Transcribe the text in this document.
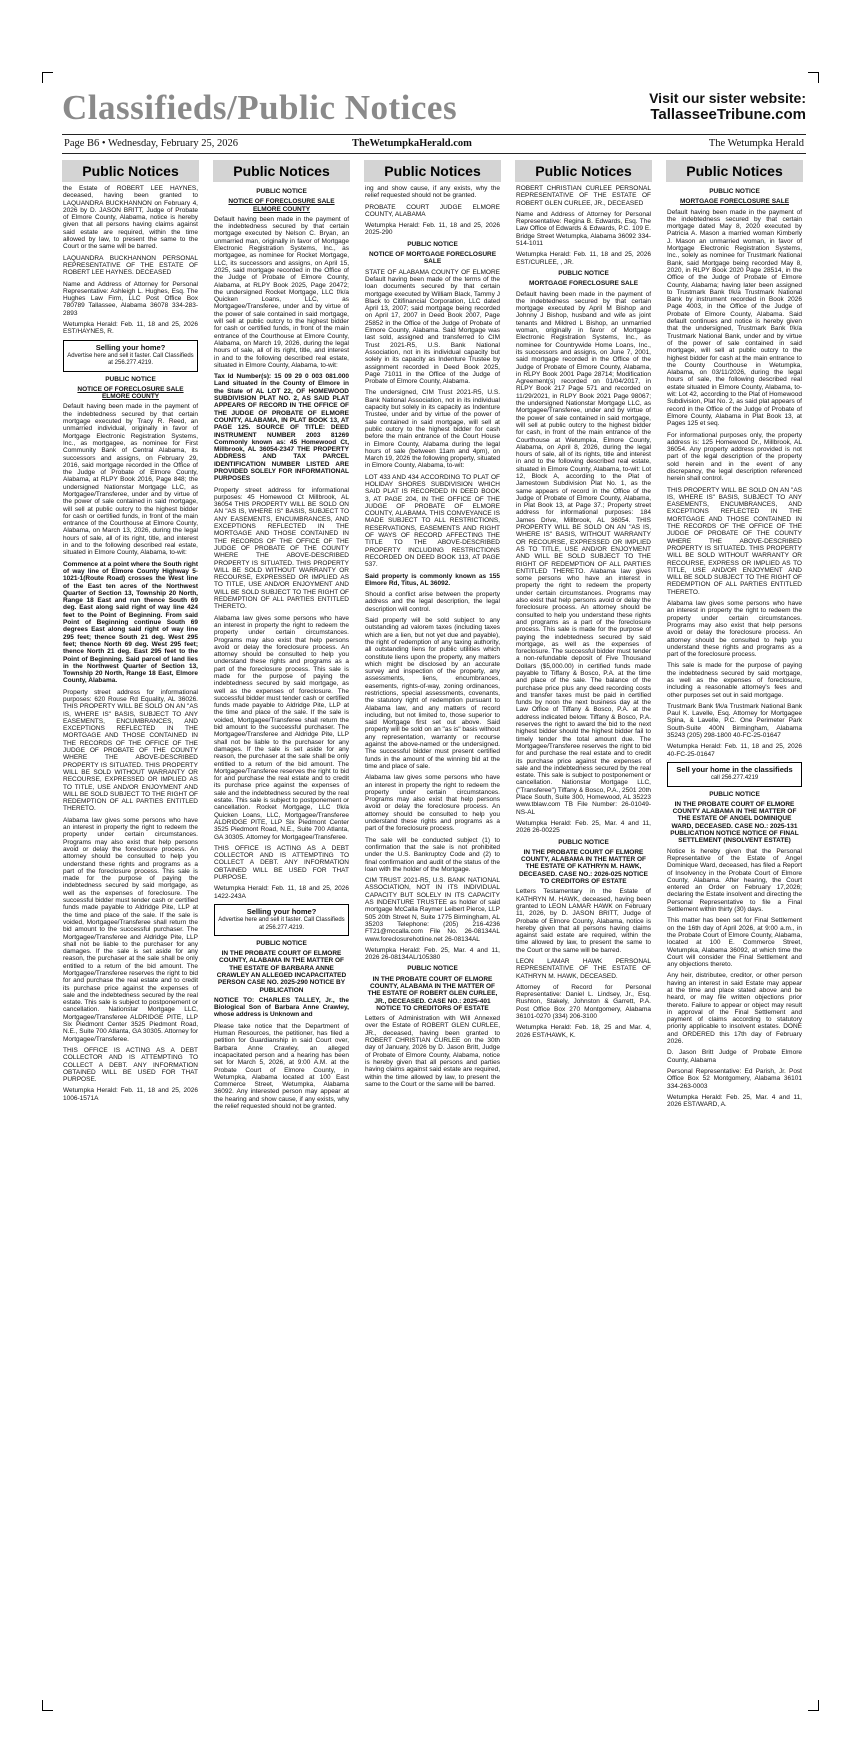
Classifieds/Public Notices	Visit our sister website:
TallasseeTribune.com
Page B6 • Wednesday, February 25, 2026	TheWetumpkaHerald.com	The Wetumpka Herald
Public Notices

the Estate of ROBERT LEE HAYNES, deceased, having been granted to LAQUANDRA BUCKHANNON on February 4, 2026 by D. JASON BRITT, Judge of Probate of Elmore County, Alabama, notice is hereby given that all persons having claims against said estate are required, within the time allowed by law, to present the same to the Court or the same will be barred.

LAQUANDRA BUCKHANNON PERSONAL REPRESENTATIVE OF THE ESTATE OF ROBERT LEE HAYNES. DECEASED

Name and Address of Attorney for Personal Representative: Ashleigh L. Hughes, Esq. The Hughes Law Firm, LLC Post Office Box 780789 Tallassee, Alabama 36078 334-283-2893

Wetumpka Herald: Feb. 11, 18 and 25, 2026 EST/HAYNES, R.

Selling your home?
Advertise here and sell it faster. Call Classifieds at 256.277.4219.
PUBLIC NOTICE
NOTICE OF FORECLOSURE SALE ELMORE COUNTY

Default having been made in the payment of the indebtedness secured by that certain mortgage executed by Tracy R. Reed, an unmarried individual, originally in favor of Mortgage Electronic Registration Systems, Inc., as mortgagee, as nominee for First Community Bank of Central Alabama, its successors and assigns, on February 29, 2016, said mortgage recorded in the Office of the Judge of Probate of Elmore County, Alabama, at RLPY Book 2016, Page 848; the undersigned Nationstar Mortgage LLC, as Mortgagee/Transferee, under and by virtue of the power of sale contained in said mortgage, will sell at public outcry to the highest bidder for cash or certified funds, in front of the main entrance of the Courthouse at Elmore County, Alabama, on March 13, 2026, during the legal hours of sale, all of its right, title, and interest in and to the following described real estate, situated in Elmore County, Alabama, to-wit:

Commence at a point where the South right of way line of Elmore County Highway 5-1021-1(Route Road) crosses the West line of the East ten acres of the Northwest Quarter of Section 13, Township 20 North, Range 18 East and run thence South 69 deg. East along said right of way line 424 feet to the Point of Beginning. From said Point of Beginning continue South 69 degrees East along said right of way line 295 feet; thence South 21 deg. West 295 feet; thence North 69 deg. West 295 feet; thence North 21 deg. East 295 feet to the Point of Beginning. Said parcel of land lies in the Northwest Quarter of Section 13, Township 20 North, Range 18 East, Elmore County, Alabama.

Property street address for informational purposes: 620 Rouse Rd Equality, AL 36026. THIS PROPERTY WILL BE SOLD ON AN "AS IS, WHERE IS" BASIS, SUBJECT TO ANY EASEMENTS, ENCUMBRANCES, AND EXCEPTIONS REFLECTED IN THE MORTGAGE AND THOSE CONTAINED IN THE RECORDS OF THE OFFICE OF THE JUDGE OF PROBATE OF THE COUNTY WHERE THE ABOVE-DESCRIBED PROPERTY IS SITUATED. THIS PROPERTY WILL BE SOLD WITHOUT WARRANTY OR RECOURSE, EXPRESSED OR IMPLIED AS TO TITLE, USE AND/OR ENJOYMENT AND WILL BE SOLD SUBJECT TO THE RIGHT OF REDEMPTION OF ALL PARTIES ENTITLED THERETO.

Alabama law gives some persons who have an interest in property the right to redeem the property under certain circumstances. Programs may also exist that help persons avoid or delay the foreclosure process. An attorney should be consulted to help you understand these rights and programs as a part of the foreclosure process. This sale is made for the purpose of paying the indebtedness secured by said mortgage, as well as the expenses of foreclosure. The successful bidder must tender cash or certified funds made payable to Aldridge Pite, LLP at the time and place of the sale. If the sale is voided, Mortgagee/Transferee shall return the bid amount to the successful purchaser. The Mortgagee/Transferee and Aldridge Pite, LLP shall not be liable to the purchaser for any damages. If the sale is set aside for any reason, the purchaser at the sale shall be only entitled to a return of the bid amount. The Mortgagee/Transferee reserves the right to bid for and purchase the real estate and to credit its purchase price against the expenses of sale and the indebtedness secured by the real estate. This sale is subject to postponement or cancellation. Nationstar Mortgage LLC, Mortgagee/Transferee ALDRIDGE PITE, LLP Six Piedmont Center 3525 Piedmont Road, N.E., Suite 700 Atlanta, GA 30305. Attorney for Mortgagee/Transferee.

THIS OFFICE IS ACTING AS A DEBT COLLECTOR AND IS ATTEMPTING TO COLLECT A DEBT. ANY INFORMATION OBTAINED WILL BE USED FOR THAT PURPOSE.

Wetumpka Herald: Feb. 11, 18 and 25, 2026 1006-1571A

Public Notices
PUBLIC NOTICE
NOTICE OF FORECLOSURE SALE ELMORE COUNTY

Default having been made in the payment of the indebtedness secured by that certain mortgage executed by Nelson C. Bryan, an unmarried man, originally in favor of Mortgage Electronic Registration Systems, Inc., as mortgagee, as nominee for Rocket Mortgage, LLC, its successors and assigns, on April 15, 2025, said mortgage recorded in the Office of the Judge of Probate of Elmore County, Alabama, at RLPY Book 2025, Page 20472; the undersigned Rocket Mortgage, LLC f/k/a Quicken Loans, LLC, as Mortgagee/Transferee, under and by virtue of the power of sale contained in said mortgage, will sell at public outcry to the highest bidder for cash or certified funds, in front of the main entrance of the Courthouse at Elmore County, Alabama, on March 19, 2026, during the legal hours of sale, all of its right, title, and interest in and to the following described real estate, situated in Elmore County, Alabama, to-wit:

Tax Id Number(s): 15 09 29 0 003 081.000 Land situated in the County of Elmore in the State of AL LOT 22, OF HOMEWOOD SUBDIVISION PLAT NO. 2, AS SAID PLAT APPEARS OF RECORD IN THE OFFICE OF THE JUDGE OF PROBATE OF ELMORE COUNTY, ALABAMA, IN PLAT BOOK 13, AT PAGE 125. SOURCE OF TITLE: DEED INSTRUMENT NUMBER 2003 81269 Commonly known as: 45 Homewood Ct, Millbrook, AL 36054-2347 THE PROPERTY ADDRESS AND TAX PARCEL IDENTIFICATION NUMBER LISTED ARE PROVIDED SOLELY FOR INFORMATIONAL PURPOSES

Property street address for informational purposes: 45 Homewood Ct Millbrook, AL 36054 THIS PROPERTY WILL BE SOLD ON AN "AS IS, WHERE IS" BASIS, SUBJECT TO ANY EASEMENTS, ENCUMBRANCES, AND EXCEPTIONS REFLECTED IN THE MORTGAGE AND THOSE CONTAINED IN THE RECORDS OF THE OFFICE OF THE JUDGE OF PROBATE OF THE COUNTY WHERE THE ABOVE-DESCRIBED PROPERTY IS SITUATED. THIS PROPERTY WILL BE SOLD WITHOUT WARRANTY OR RECOURSE, EXPRESSED OR IMPLIED AS TO TITLE, USE AND/OR ENJOYMENT AND WILL BE SOLD SUBJECT TO THE RIGHT OF REDEMPTION OF ALL PARTIES ENTITLED THERETO.

Alabama law gives some persons who have an interest in property the right to redeem the property under certain circumstances. Programs may also exist that help persons avoid or delay the foreclosure process. An attorney should be consulted to help you understand these rights and programs as a part of the foreclosure process. This sale is made for the purpose of paying the indebtedness secured by said mortgage, as well as the expenses of foreclosure. The successful bidder must tender cash or certified funds made payable to Aldridge Pite, LLP at the time and place of the sale. If the sale is voided, Mortgagee/Transferee shall return the bid amount to the successful purchaser. The Mortgagee/Transferee and Aldridge Pite, LLP shall not be liable to the purchaser for any damages. If the sale is set aside for any reason, the purchaser at the sale shall be only entitled to a return of the bid amount. The Mortgagee/Transferee reserves the right to bid for and purchase the real estate and to credit its purchase price against the expenses of sale and the indebtedness secured by the real estate. This sale is subject to postponement or cancellation. Rocket Mortgage, LLC f/k/a Quicken Loans, LLC, Mortgagee/Transferee ALDRIDGE PITE, LLP Six Piedmont Center 3525 Piedmont Road, N.E., Suite 700 Atlanta, GA 30305. Attorney for Mortgagee/Transferee.

THIS OFFICE IS ACTING AS A DEBT COLLECTOR AND IS ATTEMPTING TO COLLECT A DEBT. ANY INFORMATION OBTAINED WILL BE USED FOR THAT PURPOSE.

Wetumpka Herald: Feb. 11, 18 and 25, 2026 1422-243A

Selling your home?
Advertise here and sell it faster. Call Classifieds at 256.277.4219.
PUBLIC NOTICE
IN THE PROBATE COURT OF ELMORE COUNTY, ALABAMA IN THE MATTER OF THE ESTATE OF BARBARA ANNE CRAWLEY AN ALLEGED INCAPACITATED PERSON CASE NO. 2025-290 NOTICE BY PUBLICATION

NOTICE TO: CHARLES TALLEY, Jr., the Biological Son of Barbara Anne Crawley, whose address is Unknown and

Please take notice that the Department of Human Resources, the petitioner, has filed a petition for Guardianship in said Court over, Barbara Anne Crawley, an alleged incapacitated person and a hearing has been set for March 5, 2026, at 9:00 A.M. at the Probate Court of Elmore County, in Wetumpka, Alabama located at 100 East Commerce Street, Wetumpka, Alabama 36092. Any interested person may appear at the hearing and show cause, if any exists, why the relief requested should not be granted.

Public Notices

ing and show cause, if any exists, why the relief requested should not be granted.

PROBATE COURT JUDGE ELMORE COUNTY, ALABAMA

Wetumpka Herald: Feb. 11, 18 and 25, 2026 2025-290

PUBLIC NOTICE
NOTICE OF MORTGAGE FORECLOSURE SALE

STATE OF ALABAMA COUNTY OF ELMORE Default having been made of the terms of the loan documents secured by that certain mortgage executed by William Black, Tammy J Black to Citifinancial Corporation, LLC dated April 13, 2007; said mortgage being recorded on April 17, 2007 in Deed Book 2007, Page 25852 in the Office of the Judge of Probate of Elmore County, Alabama. Said Mortgage was last sold, assigned and transferred to CIM Trust 2021-R5, U.S. Bank National Association, not in its individual capacity but solely in its capacity as Indenture Trustee by assignment recorded in Deed Book 2025, Page 71011 in the Office of the Judge of Probate of Elmore County, Alabama.

The undersigned, CIM Trust 2021-R5, U.S. Bank National Association, not in its individual capacity but solely in its capacity as Indenture Trustee, under and by virtue of the power of sale contained in said mortgage, will sell at public outcry to the highest bidder for cash before the main entrance of the Court House in Elmore County, Alabama during the legal hours of sale (between 11am and 4pm), on March 19, 2026 the following property, situated in Elmore County, Alabama, to-wit:

LOT 433 AND 434 ACCORDING TO PLAT OF HOLIDAY SHORES SUBDIVISION WHICH SAID PLAT IS RECORDED IN DEED BOOK 3, AT PAGE 204, IN THE OFFICE OF THE JUDGE OF PROBATE OF ELMORE COUNTY, ALABAMA. THIS CONVEYANCE IS MADE SUBJECT TO ALL RESTRICTIONS, RESERVATIONS, EASEMENTS AND RIGHT OF WAYS OF RECORD AFFECTING THE TITLE TO THE ABOVE-DESCRIBED PROPERTY INCLUDING RESTRICTIONS RECORDED ON DEED BOOK 113, AT PAGE 537.

Said property is commonly known as 155 Elmore Rd, Titus, AL 36092.

Should a conflict arise between the property address and the legal description, the legal description will control.

Said property will be sold subject to any outstanding ad valorem taxes (including taxes which are a lien, but not yet due and payable), the right of redemption of any taxing authority, all outstanding liens for public utilities which constitute liens upon the property, any matters which might be disclosed by an accurate survey and inspection of the property, any assessments, liens, encumbrances, easements, rights-of-way, zoning ordinances, restrictions, special assessments, covenants, the statutory right of redemption pursuant to Alabama law, and any matters of record including, but not limited to, those superior to said Mortgage first set out above. Said property will be sold on an "as is" basis without any representation, warranty or recourse against the above-named or the undersigned. The successful bidder must present certified funds in the amount of the winning bid at the time and place of sale.

Alabama law gives some persons who have an interest in property the right to redeem the property under certain circumstances. Programs may also exist that help persons avoid or delay the foreclosure process. An attorney should be consulted to help you understand these rights and programs as a part of the foreclosure process.

The sale will be conducted subject (1) to confirmation that the sale is not prohibited under the U.S. Bankruptcy Code and (2) to final confirmation and audit of the status of the loan with the holder of the Mortgage.

CIM TRUST 2021-R5, U.S. BANK NATIONAL ASSOCIATION, NOT IN ITS INDIVIDUAL CAPACITY BUT SOLELY IN ITS CAPACITY AS INDENTURE TRUSTEE as holder of said mortgage McCalla Raymer Leibert Pierce, LLP 505 20th Street N, Suite 1775 Birmingham, AL 35203 Telephone: (205) 216-4236 FT21@mccalla.com File No. 26-08134AL www.foreclosurehotline.net 26-08134AL

Wetumpka Herald: Feb. 25, Mar. 4 and 11, 2026 26-08134AL/105380

PUBLIC NOTICE
IN THE PROBATE COURT OF ELMORE COUNTY, ALABAMA IN THE MATTER OF THE ESTATE OF ROBERT GLEN CURLEE, JR., DECEASED. CASE NO.: 2025-401 NOTICE TO CREDITORS OF ESTATE

Letters of Administration with Will Annexed over the Estate of ROBERT GLEN CURLEE, JR., deceased, having been granted to ROBERT CHRISTIAN CURLEE on the 30th day of January, 2026 by D. Jason Britt, Judge of Probate of Elmore County, Alabama, notice is hereby given that all persons and parties having claims against said estate are required, within the time allowed by law, to present the same to the Court or the same will be barred.

Public Notices

ROBERT CHRISTIAN CURLEE PERSONAL REPRESENTATIVE OF THE ESTATE OF ROBERT GLEN CURLEE, JR., DECEASED

Name and Address of Attorney for Personal Representative: Regina B. Edwards, Esq. The Law Office of Edwards & Edwards, P.C. 109 E. Bridge Street Wetumpka, Alabama 36092 334-514-1011

Wetumpka Herald: Feb. 11, 18 and 25, 2026 EST/CURLEE, , JR.

PUBLIC NOTICE
MORTGAGE FORECLOSURE SALE

Default having been made in the payment of the indebtedness secured by that certain mortgage executed by April M Bishop and Johnny J Bishop, husband and wife as joint tenants and Mildred L Bishop, an unmarried woman, originally in favor of Mortgage Electronic Registration Systems, Inc., as nominee for Countrywide Home Loans, Inc., its successors and assigns, on June 7, 2001, said mortgage recorded in the Office of the Judge of Probate of Elmore County, Alabama, in RLPY Book 2001 Page 28714; Modification Agreement(s) recorded on 01/04/2017, in RLPY Book 217 Page 571 and recorded on 11/29/2021, in RLPY Book 2021 Page 98067; the undersigned Nationstar Mortgage LLC, as Mortgagee/Transferee, under and by virtue of the power of sale contained in said mortgage, will sell at public outcry to the highest bidder for cash, in front of the main entrance of the Courthouse at Wetumpka, Elmore County, Alabama, on April 8, 2026, during the legal hours of sale, all of its rights, title and interest in and to the following described real estate, situated in Elmore County, Alabama, to-wit: Lot 12, Block A, according to the Plat of Jamestown Subdivision Plat No. 1, as the same appears of record in the Office of the Judge of Probate of Elmore County, Alabama, in Plat Book 13, at Page 37.; Property street address for informational purposes: 184 James Drive, Millbrook, AL 36054. THIS PROPERTY WILL BE SOLD ON AN "AS IS, WHERE IS" BASIS, WITHOUT WARRANTY OR RECOURSE, EXPRESSED OR IMPLIED AS TO TITLE, USE AND/OR ENJOYMENT AND WILL BE SOLD SUBJECT TO THE RIGHT OF REDEMPTION OF ALL PARTIES ENTITLED THERETO. Alabama law gives some persons who have an interest in property the right to redeem the property under certain circumstances. Programs may also exist that help persons avoid or delay the foreclosure process. An attorney should be consulted to help you understand these rights and programs as a part of the foreclosure process. This sale is made for the purpose of paying the indebtedness secured by said mortgage, as well as the expenses of foreclosure. The successful bidder must tender a non-refundable deposit of Five Thousand Dollars ($5,000.00) in certified funds made payable to Tiffany & Bosco, P.A. at the time and place of the sale. The balance of the purchase price plus any deed recording costs and transfer taxes must be paid in certified funds by noon the next business day at the Law Office of Tiffany & Bosco, P.A. at the address indicated below. Tiffany & Bosco, P.A. reserves the right to award the bid to the next highest bidder should the highest bidder fail to timely tender the total amount due. The Mortgagee/Transferee reserves the right to bid for and purchase the real estate and to credit its purchase price against the expenses of sale and the indebtedness secured by the real estate. This sale is subject to postponement or cancellation. Nationstar Mortgage LLC, ("Transferee") Tiffany & Bosco, P.A., 2501 20th Place South, Suite 300, Homewood, AL 35223 www.tblaw.com TB File Number: 26-01049-NS-AL

Wetumpka Herald: Feb. 25, Mar. 4 and 11, 2026 26-00225

PUBLIC NOTICE
IN THE PROBATE COURT OF ELMORE COUNTY, ALABAMA IN THE MATTER OF THE ESTATE OF KATHRYN M. HAWK, DECEASED. CASE NO.: 2026-025 NOTICE TO CREDITORS OF ESTATE

Letters Testamentary in the Estate of KATHRYN M. HAWK, deceased, having been granted to LEON LAMAR HAWK on February 11, 2026, by D. JASON BRITT, Judge of Probate of Elmore County, Alabama, notice is hereby given that all persons having claims against said estate are required, within the time allowed by law, to present the same to the Court or the same will be barred.

LEON LAMAR HAWK PERSONAL REPRESENTATIVE OF THE ESTATE OF KATHRYN M. HAWK, DECEASED.

Attorney of Record for Personal Representative: Daniel L. Lindsey, Jr., Esq. Rushton, Stakely, Johnston & Garrett, P.A. Post Office Box 270 Montgomery, Alabama 36101-0270 (334) 206-3100

Wetumpka Herald: Feb. 18, 25 and Mar. 4, 2026 EST/HAWK, K.

Public Notices
PUBLIC NOTICE
MORTGAGE FORECLOSURE SALE

Default having been made in the payment of the indebtedness secured by that certain mortgage dated May 8, 2020 executed by Patricia A. Mason a married woman Kimberly J. Mason an unmarried woman, in favor of Mortgage Electronic Registration Systems, Inc., solely as nominee for Trustmark National Bank, said Mortgage being recorded May 8, 2020, in RLPY Book 2020 Page 28514, in the Office of the Judge of Probate of Elmore County, Alabama; having later been assigned to Trustmark Bank f/k/a Trustmark National Bank by instrument recorded in Book 2026 Page 4003, in the Office of the Judge of Probate of Elmore County, Alabama. Said default continues and notice is hereby given that the undersigned, Trustmark Bank f/k/a Trustmark National Bank, under and by virtue of the power of sale contained in said mortgage, will sell at public outcry to the highest bidder for cash at the main entrance to the County Courthouse in Wetumpka, Alabama, on 03/11/2026, during the legal hours of sale, the following described real estate situated in Elmore County, Alabama, to-wit: Lot 42, according to the Plat of Homewood Subdivision, Plat No. 2, as said plat appears of record in the Office of the Judge of Probate of Elmore County, Alabama in Plat Book 13, at Pages 125 et seq.

For informational purposes only, the property address is: 125 Homewood Dr., Millbrook, AL 36054. Any property address provided is not part of the legal description of the property sold herein and in the event of any discrepancy, the legal description referenced herein shall control.

THIS PROPERTY WILL BE SOLD ON AN "AS IS, WHERE IS" BASIS, SUBJECT TO ANY EASEMENTS, ENCUMBRANCES, AND EXCEPTIONS REFLECTED IN THE MORTGAGE AND THOSE CONTAINED IN THE RECORDS OF THE OFFICE OF THE JUDGE OF PROBATE OF THE COUNTY WHERE THE ABOVE-DESCRIBED PROPERTY IS SITUATED. THIS PROPERTY WILL BE SOLD WITHOUT WARRANTY OR RECOURSE, EXPRESS OR IMPLIED AS TO TITLE, USE AND/OR ENJOYMENT AND WILL BE SOLD SUBJECT TO THE RIGHT OF REDEMPTION OF ALL PARTIES ENTITLED THERETO.

Alabama law gives some persons who have an interest in property the right to redeem the property under certain circumstances. Programs may also exist that help persons avoid or delay the foreclosure process. An attorney should be consulted to help you understand these rights and programs as a part of the foreclosure process.

This sale is made for the purpose of paying the indebtedness secured by said mortgage, as well as the expenses of foreclosure, including a reasonable attorney's fees and other purposes set out in said mortgage.

Trustmark Bank f/k/a Trustmark National Bank Paul K. Lavelle, Esq. Attorney for Mortgagee Spina, & Lavelle, P.C. One Perimeter Park South-Suite 400N Birmingham, Alabama 35243 (205) 298-1800 40-FC-25-01647

Wetumpka Herald: Feb. 11, 18 and 25, 2026 40-FC-25-01647

Sell your home in the classifieds
call 256.277.4219
PUBLIC NOTICE
IN THE PROBATE COURT OF ELMORE COUNTY ALABAMA IN THE MATTER OF THE ESTATE OF ANGEL DOMINIQUE WARD, DECEASED. CASE NO.: 2025-131 PUBLICATION NOTICE NOTICE OF FINAL SETTLEMENT (INSOLVENT ESTATE)

Notice is hereby given that the Personal Representative of the Estate of Angel Dominique Ward, deceased, has filed a Report of Insolvency in the Probate Court of Elmore County, Alabama. After hearing, the Court entered an Order on February 17,2026; declaring the Estate insolvent and directing the Personal Representative to file a Final Settlement within thirty (30) days.

This matter has been set for Final Settlement on the 16th day of April 2026, at 9:00 a.m., in the Probate Court of Elmore County, Alabama, located at 100 E. Commerce Street, Wetumpka, Alabama 36092, at which time the Court will consider the Final Settlement and any objections thereto.

Any heir, distributee, creditor, or other person having an interest in said Estate may appear at the time and place stated above and be heard, or may file written objections prior thereto. Failure to appear or object may result in approval of the Final Settlement and payment of claims according to statutory priority applicable to insolvent estates. DONE and ORDERED this 17th day of February 2026.

D. Jason Britt Judge of Probate Elmore County, Alabama

Personal Representative: Ed Parish, Jr. Post Office Box 52 Montgomery, Alabama 36101 334-263-0003

Wetumpka Herald: Feb. 25, Mar. 4 and 11, 2026 EST/WARD, A.
